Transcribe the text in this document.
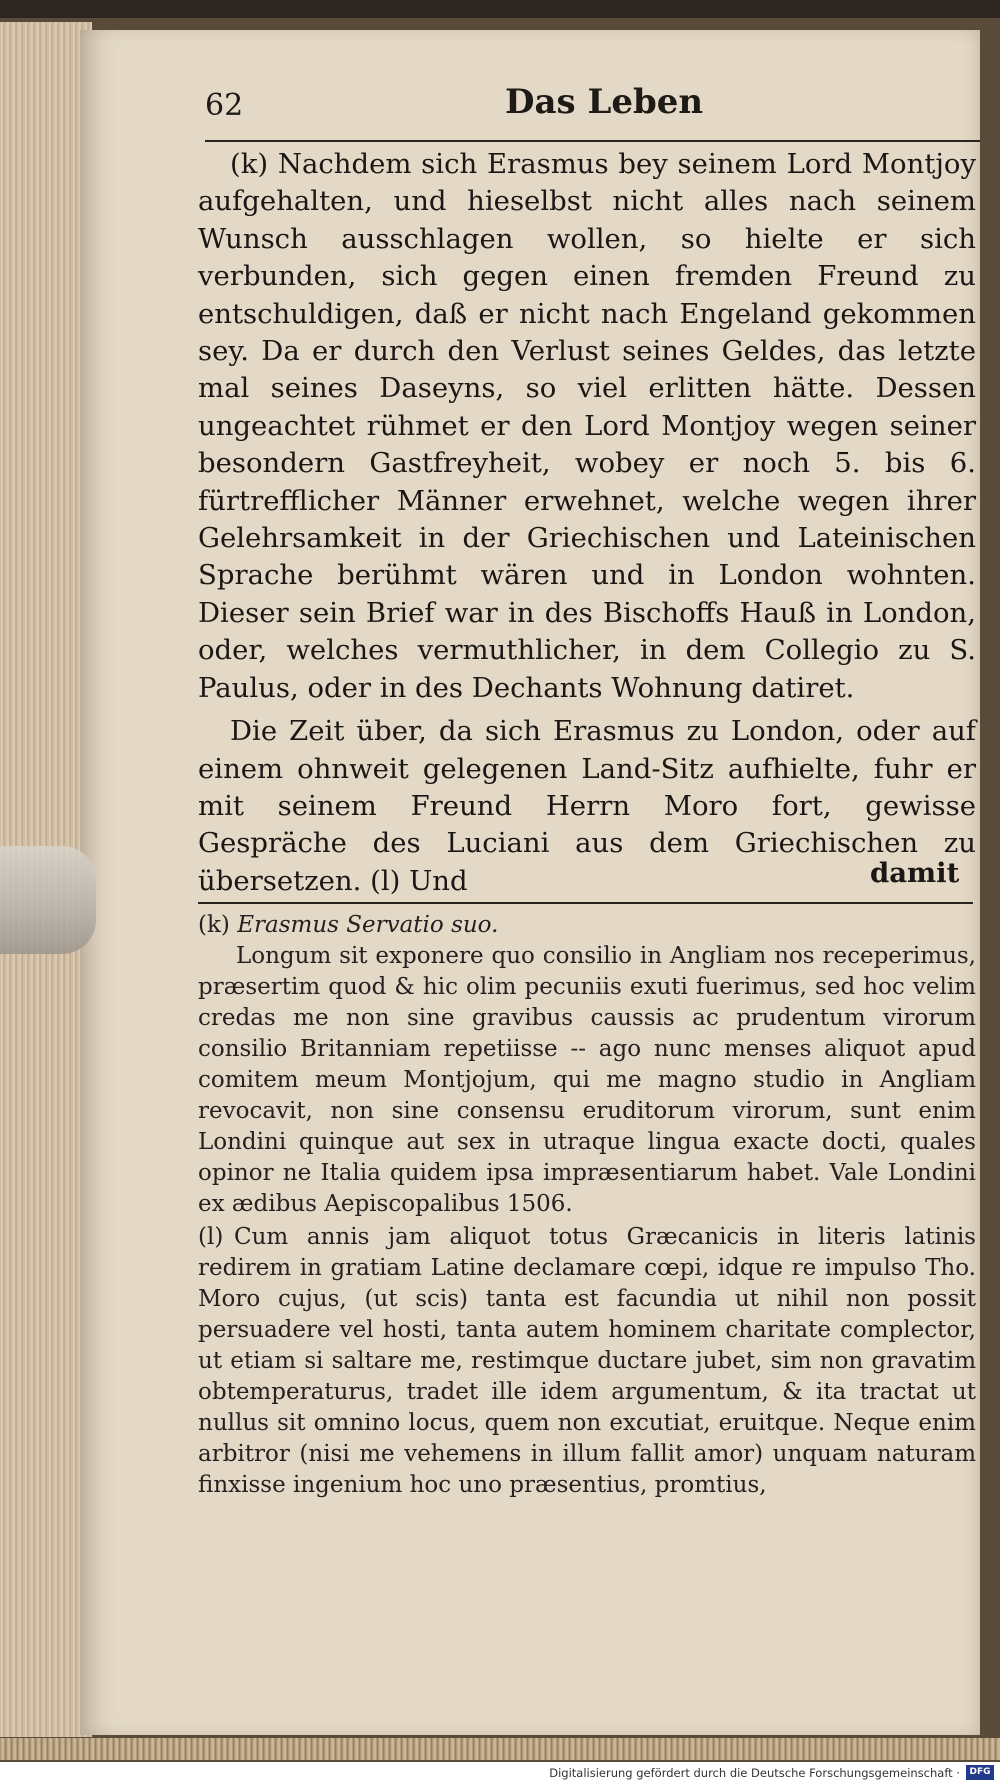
62	Das Leben

(k) Nachdem sich Erasmus bey seinem Lord Montjoy aufgehalten, und hieselbst nicht alles nach seinem Wunsch ausschlagen wollen, so hielte er sich verbunden, sich gegen einen fremden Freund zu entschuldigen, daß er nicht nach Engeland gekommen sey. Da er durch den Verlust seines Geldes, das letzte mal seines Daseyns, so viel erlitten hätte. Dessen ungeachtet rühmet er den Lord Montjoy wegen seiner besondern Gastfreyheit, wobey er noch 5. bis 6. fürtrefflicher Männer erwehnet, welche wegen ihrer Gelehrsamkeit in der Griechischen und Lateinischen Sprache berühmt wären und in London wohnten. Dieser sein Brief war in des Bischoffs Hauß in London, oder, welches vermuthlicher, in dem Collegio zu S. Paulus, oder in des Dechants Wohnung datiret.

Die Zeit über, da sich Erasmus zu London, oder auf einem ohnweit gelegenen Land-Sitz aufhielte, fuhr er mit seinem Freund Herrn Moro fort, gewisse Gespräche des Luciani aus dem Griechischen zu übersetzen. (l) Und	damit

(k) Erasmus Servatio suo.

Longum sit exponere quo consilio in Angliam nos receperimus, præsertim quod & hic olim pecuniis exuti fuerimus, sed hoc velim credas me non sine gravibus caussis ac prudentum virorum consilio Britanniam repetiisse -- ago nunc menses aliquot apud comitem meum Montjojum, qui me magno studio in Angliam revocavit, non sine consensu eruditorum virorum, sunt enim Londini quinque aut sex in utraque lingua exacte docti, quales opinor ne Italia quidem ipsa impræsentiarum habet. Vale Londini ex ædibus Aepiscopalibus 1506.

(l) Cum annis jam aliquot totus Græcanicis in literis latinis redirem in gratiam Latine declamare cœpi, idque re impulso Tho. Moro cujus, (ut scis) tanta est facundia ut nihil non possit persuadere vel hosti, tanta autem hominem charitate complector, ut etiam si saltare me, restimque ductare jubet, sim non gravatim obtemperaturus, tradet ille idem argumentum, & ita tractat ut nullus sit omnino locus, quem non excutiat, eruitque. Neque enim arbitror (nisi me vehemens in illum fallit amor) unquam naturam finxisse ingenium hoc uno præsentius, promtius,

Digitalisierung gefördert durch die Deutsche Forschungsgemeinschaft ·	DFG
